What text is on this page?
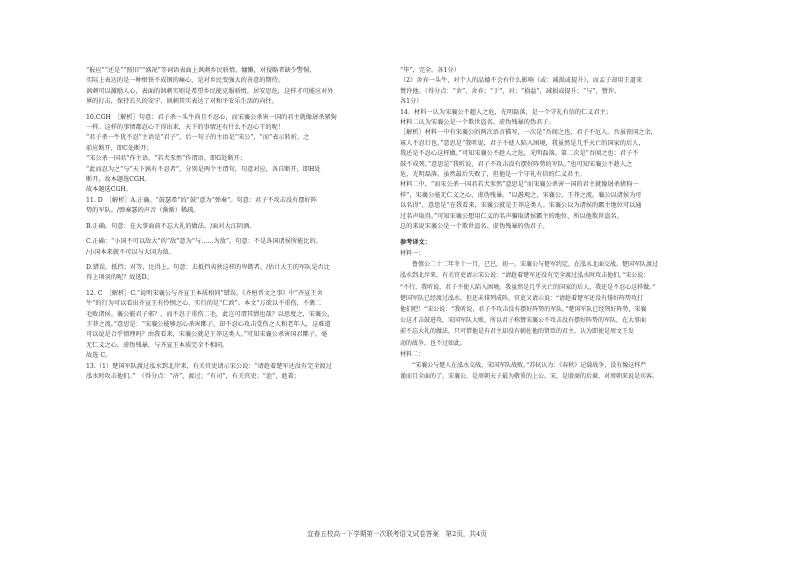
“报应”“还是”“照旧”“盛况”等词语表面上讽刺乡民骄惰、慵懒，对侵略者缺少警惕，

实际上表达的是一种恨铁不成钢的痛心，是对乡民变强大的善意的期待。

讽刺可以激励人心，表面的讽刺实则是希望乡民能克服骄惰，居安思危，这样才可能应对外

界的打击，保持长久的安宁，讽刺其实表达了对和平安乐生活的向往。

10.CGH　［解析］句意：君子杀一头牛尚且不忍心，而宋襄公杀害一国的君主就像屠杀猪狗

一样。这样的事情都忍心干得出来，天下的事情还有什么不忍心干的呢！

“君子杀一牛犹不忍”主语是“君子”，后一句子的主语是“宋公”，“而”表示转折，之

前应断开，即C处断开；

“宋公杀一国君”作主语，“若犬豕然”作谓语，即G处断开；

“此而忍为之”与“天下孰有不忍者”，分别是两个主谓句，句意对应，各自断开，即H处

断开。故本题选CGH。

故本题选CGH。

11. D　［解析］A.正确。“鼓瑟希”的“鼓”意为“弹奏”。句意：君子不攻击没有摆好阵

势的军队。/弹奏瑟的声音（渐渐）稀疏。

B.正确。句意：在大事面前不忘大礼的做法。/面对大江阴酒。

C.正确：“小国不可以敌大”的“敌”意为“与……为敌”。句意：不是各国诸侯所能比的。

/小国本来就不可以与大国为敌。

D.错误。抵挡；对等，比得上。句意：去抵挡夷狄这样的卑微者。/估计大王的军队是否比

得上项羽的呢？故选D。

12. C　［解析］C.“说明宋襄公与齐宣王本质相同”错误。《齐桓晋文之事》中“齐宣王舍

牛”的行为可以看出齐宣王有怜悯之心，实行的是“仁政”。本文“万欲以不重伤，不禽二

毛败诸侯。襄公能君子邪？，而不忍于重伤二毛，此岂可谓其情也哉？以思度之，宋襄公，

王莽之流。”意思是：“宋襄公能够忍心杀害鄫子，却不忍心攻击受伤之人和老年人，这难道

可以说是合乎情理吗？由我看来，宋襄公就是王莽这类人。”可知宋襄公杀害国君鄫子，毫

无仁义之心，虚伪残暴，与齐宣王本质完全不相同。

故选 C。

13.（1）楚国军队渡过泓水到北岸来，有关官吏请示宋公说：“请趁着楚军还没有完全渡过

泓水时攻击他们。”　（得分点：“济”，渡过；“有司”，有关官吏；“迨”，趁着；

“毕”，完全。各1分）

（2）舍弃一头牛，对个人的品德不会有什么影响（或：减损或提升），而孟子却用王道来

赞许他。（得分点：“舍”，舍弃；“于”，对；“损益”，减损或提升；“与”，赞许。

各1分）

14．材料一认为宋襄公不超人之危，光明磊落，是一个守礼有信的仁义君主；

材料二认为宋襄公是一个欺世盗名、虚伪残暴的伪君子。

［解析］材料一中有宋襄公的两次语言描写，一次是“吾闻之也，君子不厄人。吾虽丧国之余，

寡人不忍行也。”意思是“我听说，君子不使人陷入困境，我虽然是几乎灭亡的国家的后人，

我还是不忍心这样做。”可知宋襄公不趁人之危，光明磊落。第二次是“吾闻之也：君子不

鼓不成列。”意思是“我听说，君子不攻击没有摆好阵势的军队。”也可知宋襄公不趁人之

危，光明磊落，虽然最后失败了，但他是一个守礼有信的仁义君主。

材料二中，“而宋公杀一国君若犬豕然”意思是“而宋襄公杀害一国的君主就像屠杀猪狗一

样”，宋襄公毫无仁义之心，虚伪残暴。“以愚观之，宋襄公，王莽之流。襄公以诸侯为可

以名得”，意思是“在我看来，宋襄公就是王莽这类人。宋襄公以为诸侯的霸主地位可以通

过名声取得。”可知宋襄公想用仁义的名声骗取诸侯霸主的地位，所以他欺世盗名。

总的来说宋襄公是一个欺世盗名、虚伪残暴的伪君子。

参考译文：

材料一：

　　鲁僖公二十二年冬十一月，已巳，初一。宋襄公与楚军约定，在泓水北面交战。楚国军队渡过

泓水到北岸来，有关官吏请示宋公说：“请趁着楚军还没有完全渡过泓水时攻击他们。”宋公说：

“不行，我听说，君子不使人陷入困境。我虽然是几乎灭亡的国家的后人，我还是不忍心这样做。”

楚国军队已经渡过泓水，但还未排列成阵，官吏又请示说：“请趁着楚军还没有排好阵势攻打

他们吧！”宋公说：“我听说，君子不攻击没有摆好阵势的军队。”楚国军队已经列好阵势，宋襄

公这才击鼓进攻，宋国军队大败。所以君子称赞宋襄公不攻击没有摆好阵势的军队，在大事面

前不忘大礼的做法，只可惜他是有君主却没有辅佐他的贤臣的君主，认为即使是周文王发

动的战争，也不过如此。

材料二：

　　“宋襄公与楚人在泓水交战，宋国军队战败。”苏轼认为：《春秋》记载战争，没有像这样严

谨而且全面的了。宋襄公，是周朝天子最为敬重的上公。宋，是殷商的后裔，对周朝来说是宾客。

宜春五校高一下学期第一次联考语文试卷答案　第2页，共4页
